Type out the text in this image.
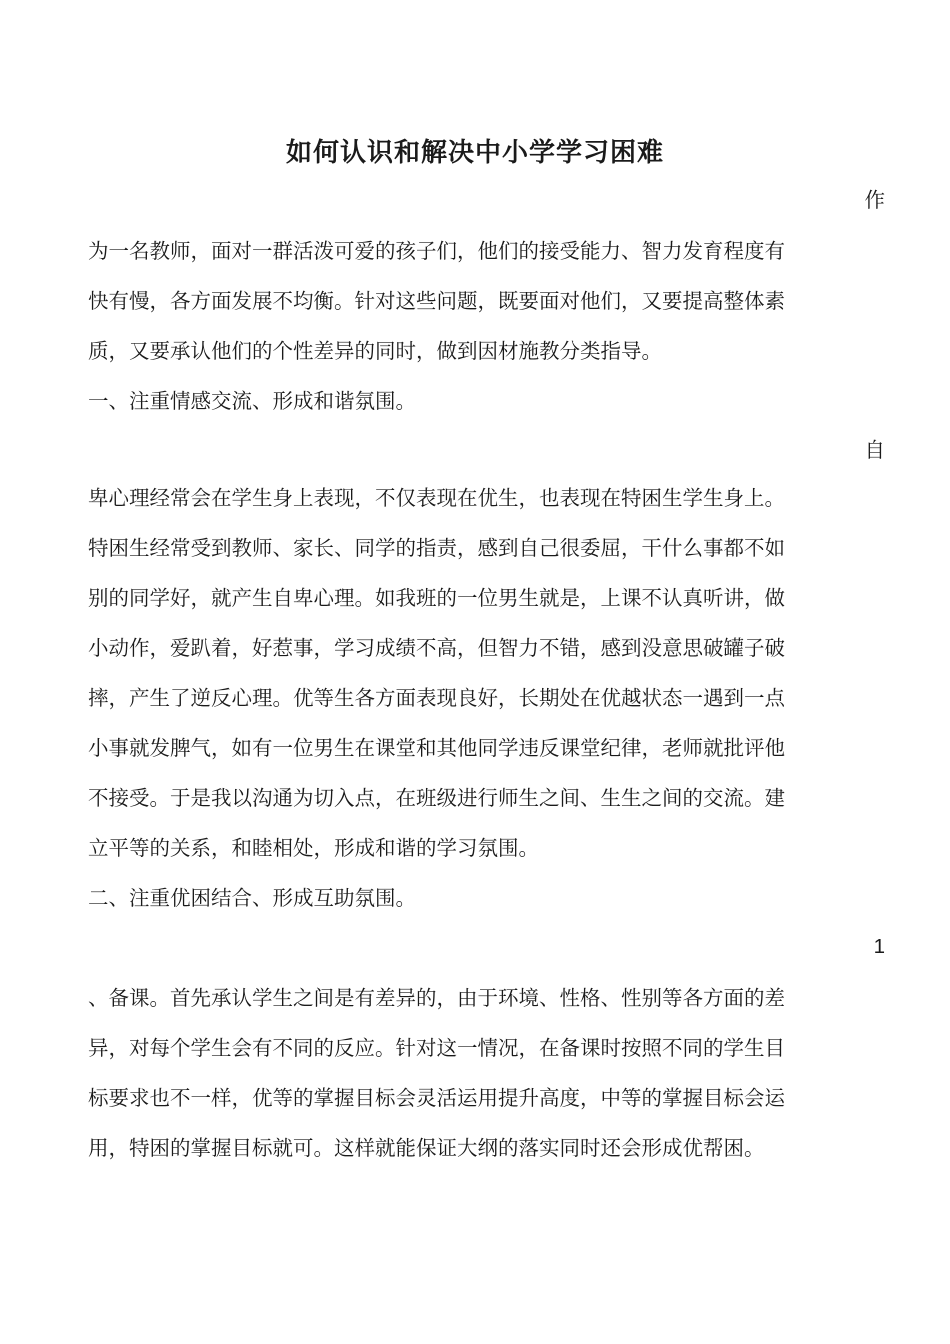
如何认识和解决中小学学习困难
作
为一名教师，面对一群活泼可爱的孩子们，他们的接受能力、智力发育程度有
快有慢，各方面发展不均衡。针对这些问题，既要面对他们，又要提高整体素
质，又要承认他们的个性差异的同时，做到因材施教分类指导。
一、注重情感交流、形成和谐氛围。
自
卑心理经常会在学生身上表现，不仅表现在优生，也表现在特困生学生身上。
特困生经常受到教师、家长、同学的指责，感到自己很委屈，干什么事都不如
别的同学好，就产生自卑心理。如我班的一位男生就是，上课不认真听讲，做
小动作，爱趴着，好惹事，学习成绩不高，但智力不错，感到没意思破罐子破
摔，产生了逆反心理。优等生各方面表现良好，长期处在优越状态一遇到一点
小事就发脾气，如有一位男生在课堂和其他同学违反课堂纪律，老师就批评他
不接受。于是我以沟通为切入点，在班级进行师生之间、生生之间的交流。建
立平等的关系，和睦相处，形成和谐的学习氛围。
二、注重优困结合、形成互助氛围。
1
、备课。首先承认学生之间是有差异的，由于环境、性格、性别等各方面的差
异，对每个学生会有不同的反应。针对这一情况，在备课时按照不同的学生目
标要求也不一样，优等的掌握目标会灵活运用提升高度，中等的掌握目标会运
用，特困的掌握目标就可。这样就能保证大纲的落实同时还会形成优帮困。
